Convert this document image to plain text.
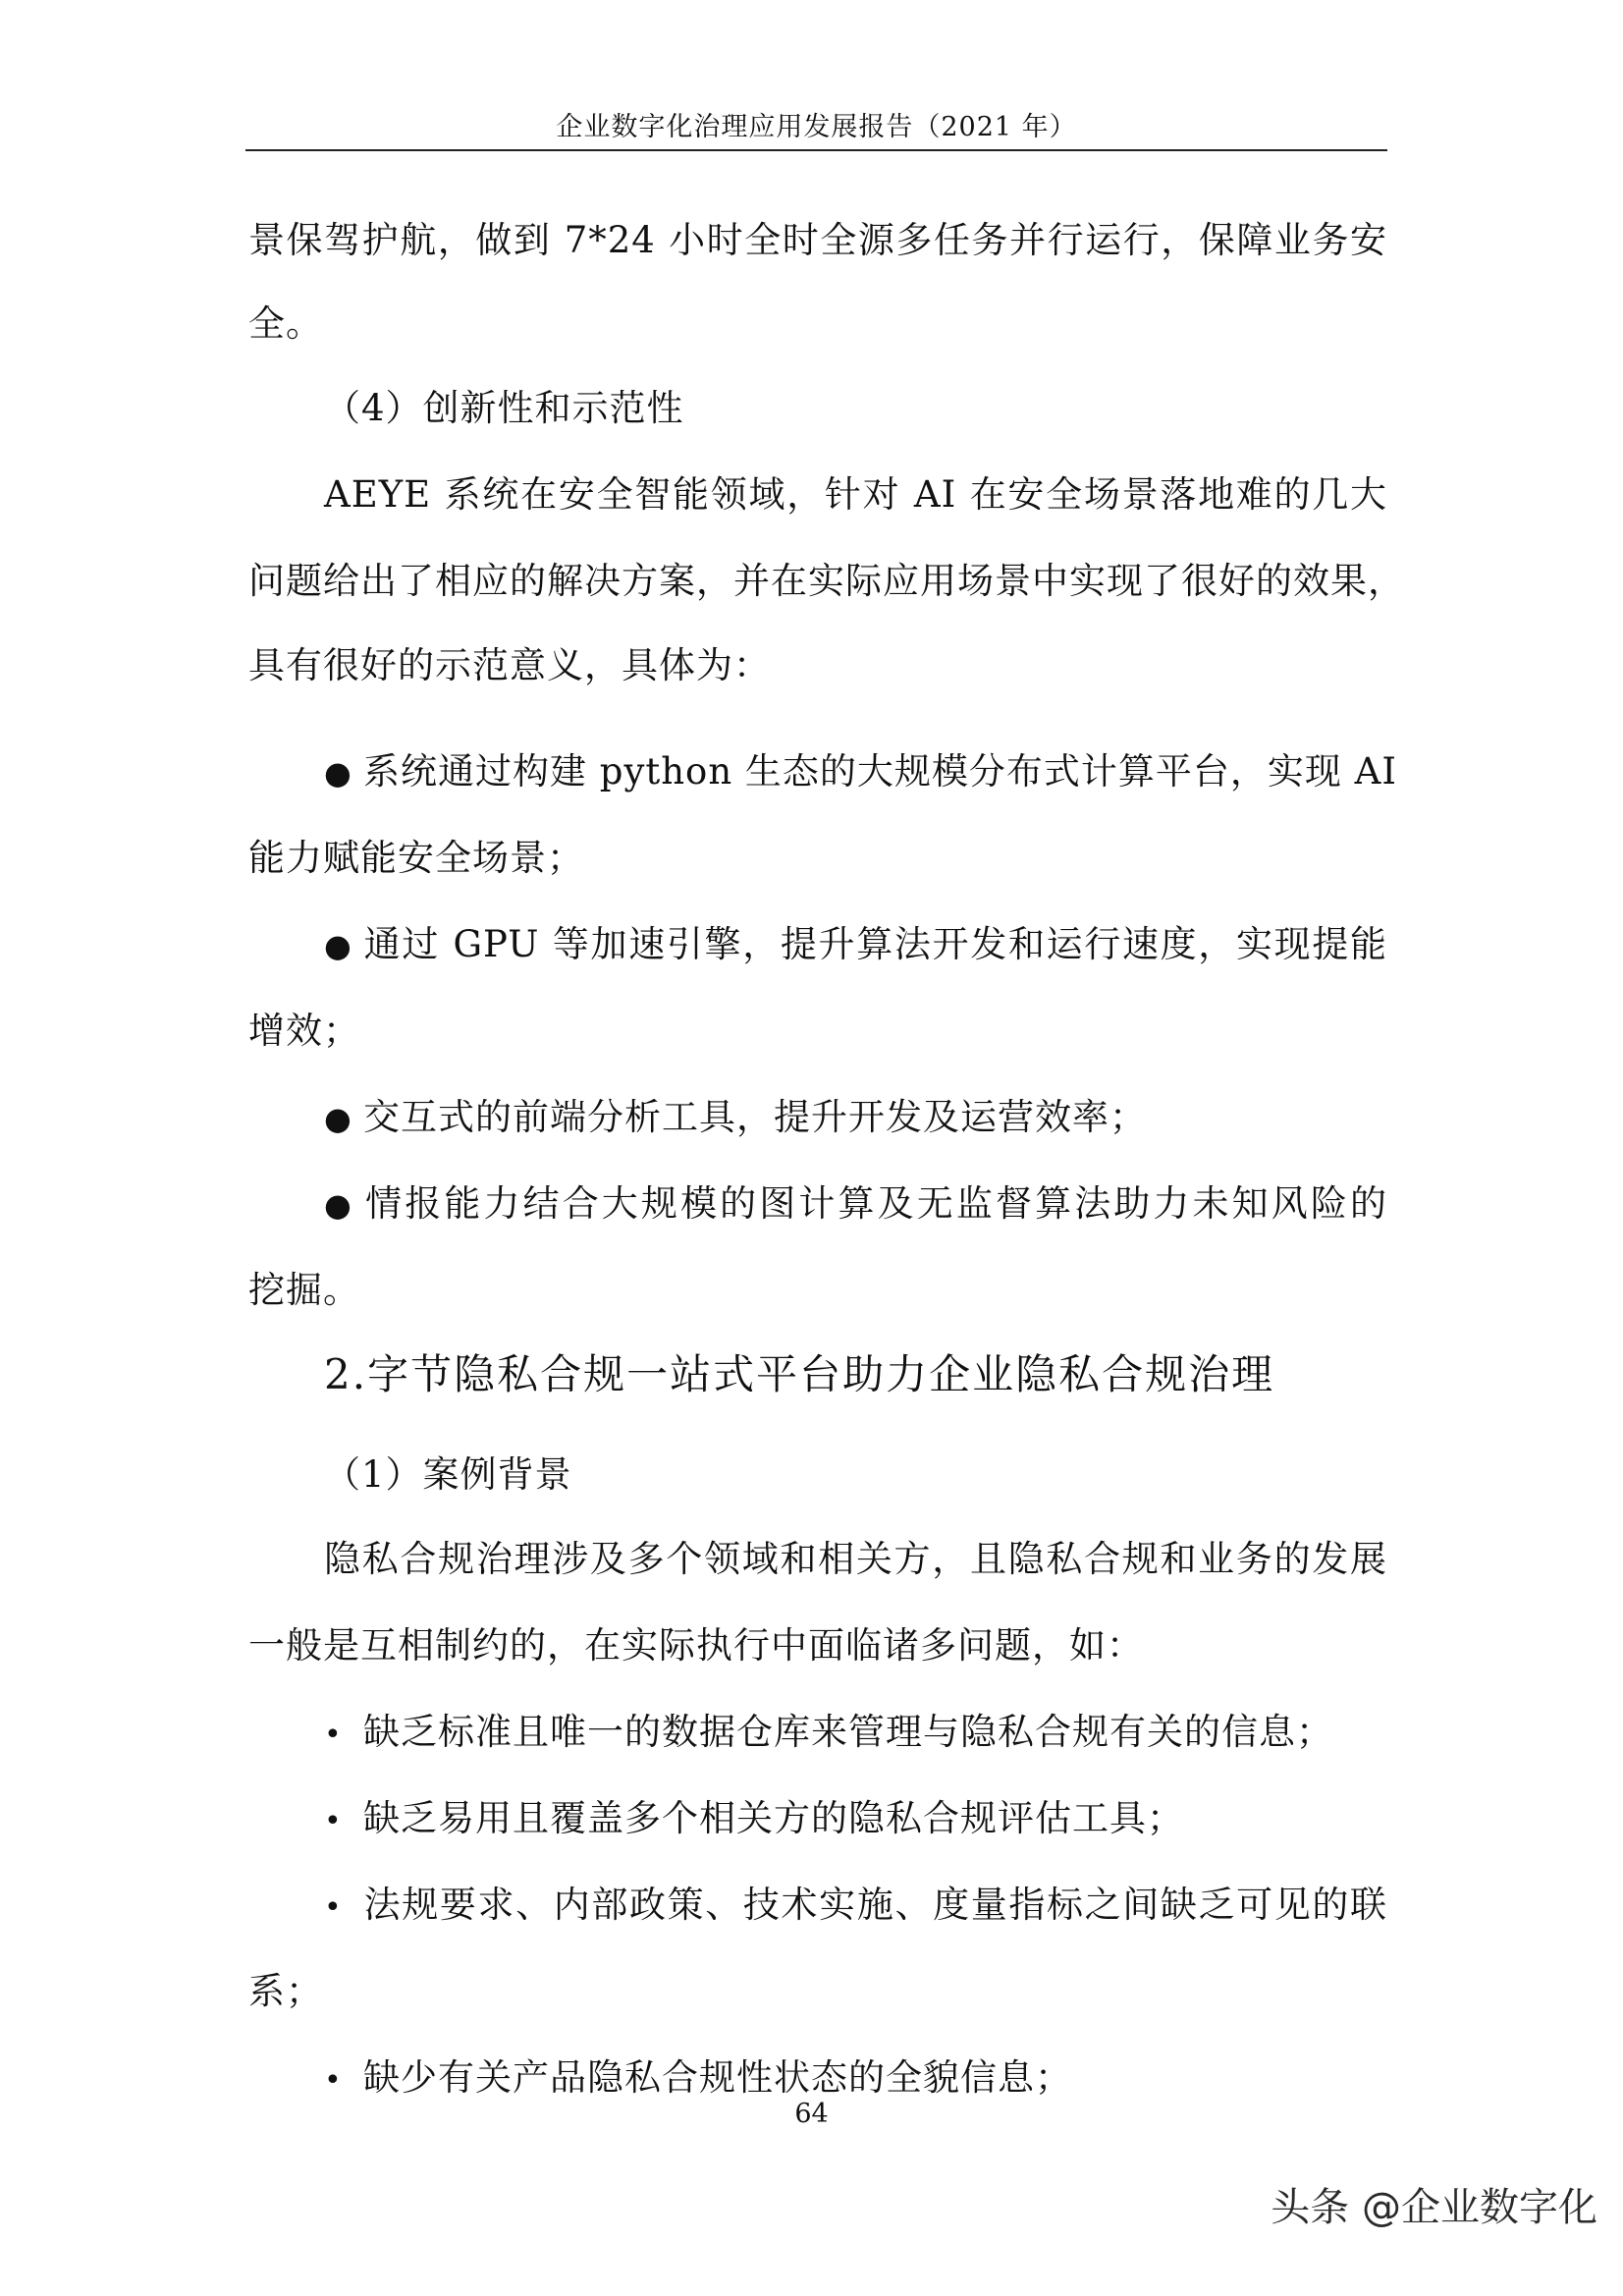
企业数字化治理应用发展报告（2021 年）
景保驾护航，做到 7*24 小时全时全源多任务并行运行，保障业务安
全。
（4）创新性和示范性
AEYE 系统在安全智能领域，针对 AI 在安全场景落地难的几大
问题给出了相应的解决方案，并在实际应用场景中实现了很好的效果，
具有很好的示范意义，具体为：
● 系统通过构建 python 生态的大规模分布式计算平台，实现 AI
能力赋能安全场景；
● 通过 GPU 等加速引擎，提升算法开发和运行速度，实现提能
增效；
● 交互式的前端分析工具，提升开发及运营效率；
● 情报能力结合大规模的图计算及无监督算法助力未知风险的
挖掘。
2.字节隐私合规一站式平台助力企业隐私合规治理
（1）案例背景
隐私合规治理涉及多个领域和相关方，且隐私合规和业务的发展
一般是互相制约的，在实际执行中面临诸多问题，如：
• 缺乏标准且唯一的数据仓库来管理与隐私合规有关的信息；
• 缺乏易用且覆盖多个相关方的隐私合规评估工具；
• 法规要求、内部政策、技术实施、度量指标之间缺乏可见的联
系；
• 缺少有关产品隐私合规性状态的全貌信息；
64
头条 @企业数字化
